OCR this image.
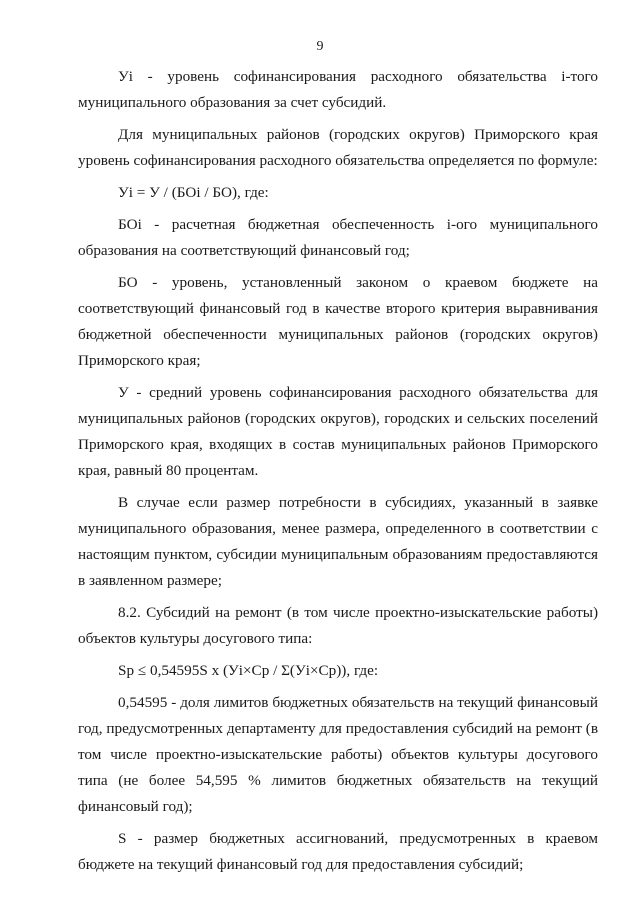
9

Уi - уровень софинансирования расходного обязательства i-того муниципального образования за счет субсидий.

Для муниципальных районов (городских округов) Приморского края уровень софинансирования расходного обязательства определяется по формуле:

Уi = У / (БОi / БО), где:

БОi - расчетная бюджетная обеспеченность i-ого муниципального образования на соответствующий финансовый год;

БО - уровень, установленный законом о краевом бюджете на соответствующий финансовый год в качестве второго критерия выравнивания бюджетной обеспеченности муниципальных районов (городских округов) Приморского края;

У - средний уровень софинансирования расходного обязательства для муниципальных районов (городских округов), городских и сельских поселений Приморского края, входящих в состав муниципальных районов Приморского края, равный 80 процентам.

В случае если размер потребности в субсидиях, указанный в заявке муниципального образования, менее размера, определенного в соответствии с настоящим пунктом, субсидии муниципальным образованиям предоставляются в заявленном размере;

8.2. Субсидий на ремонт (в том числе проектно-изыскательские работы) объектов культуры досугового типа:

Sp ≤ 0,54595S x (Уi×Cp / Σ(Уi×Cp)), где:

0,54595 - доля лимитов бюджетных обязательств на текущий финансовый год, предусмотренных департаменту для предоставления субсидий на ремонт (в том числе проектно-изыскательские работы) объектов культуры досугового типа (не более 54,595 % лимитов бюджетных обязательств на текущий финансовый год);

S - размер бюджетных ассигнований, предусмотренных в краевом бюджете на текущий финансовый год для предоставления субсидий;
